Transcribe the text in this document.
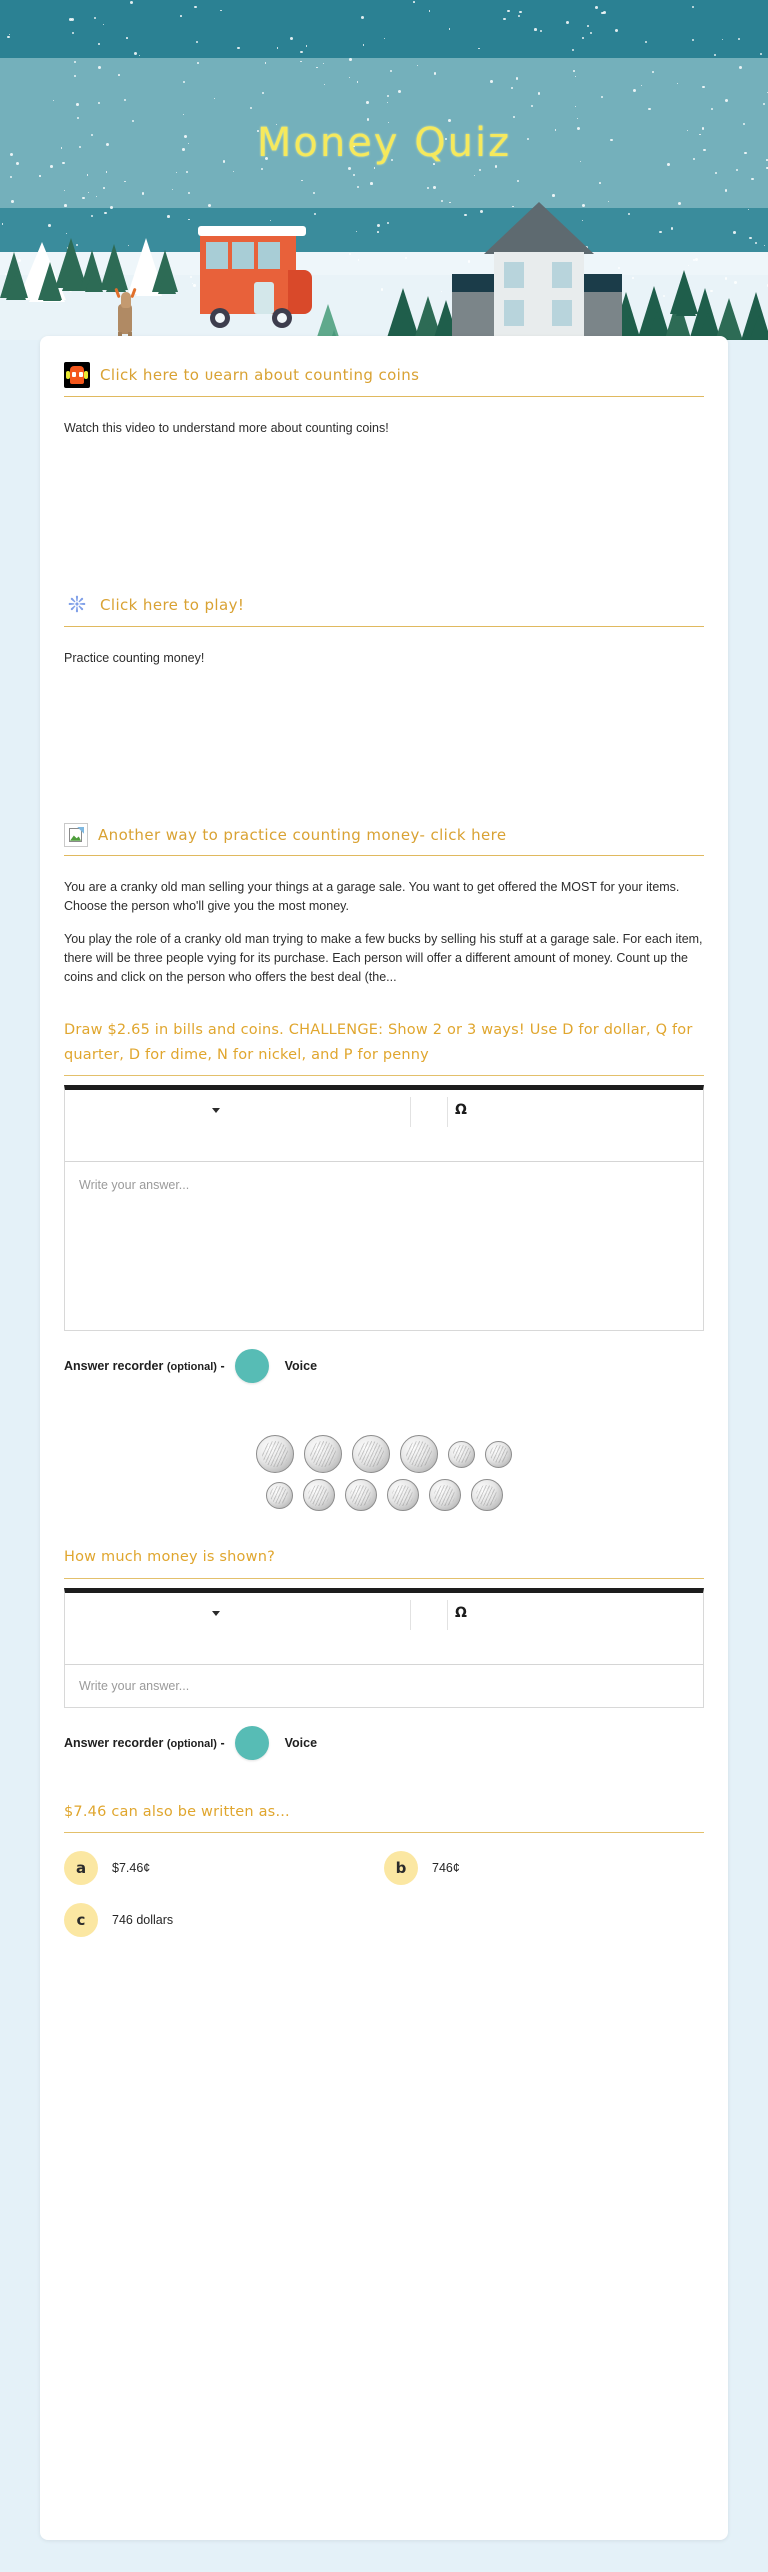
Money Quiz
Click here to ᴜearn about counting coins

Watch this video to understand more about counting coins!

❊ Click here to play!

Practice counting money!

Another way to practice counting money- click here

You are a cranky old man selling your things at a garage sale. You want to get offered the MOST for your items. Choose the person who'll give you the most money.

You play the role of a cranky old man trying to make a few bucks by selling his stuff at a garage sale. For each item, there will be three people vying for its purchase. Each person will offer a different amount of money. Count up the coins and click on the person who offers the best deal (the...

Draw $2.65 in bills and coins. CHALLENGE: Show 2 or 3 ways! Use D for dollar, Q for quarter, D for dime, N for nickel, and P for penny
Ω
Write your answer...
Answer recorder (optional) -	Voice
How much money is shown?
Ω
Write your answer...
Answer recorder (optional) -	Voice
$7.46 can also be written as...
a	$7.46¢	b	746¢
c	746 dollars
